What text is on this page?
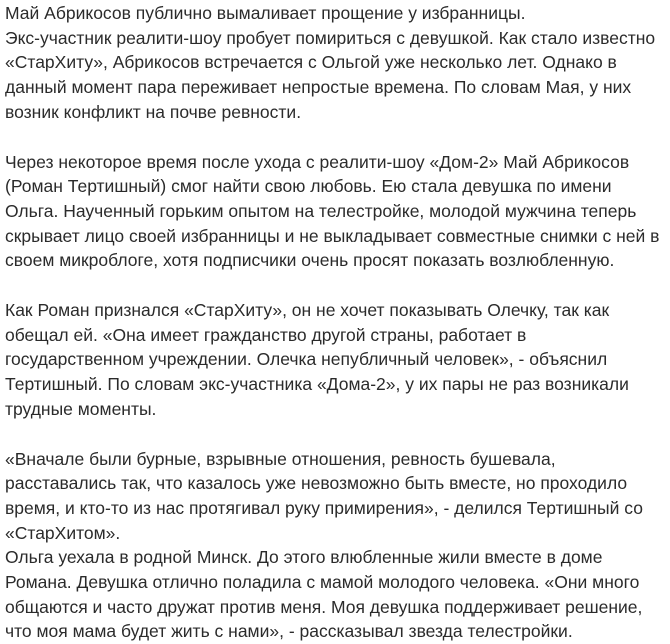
Май Абрикосов публично вымаливает прощение у избранницы.
Экс-участник реалити-шоу пробует помириться с девушкой. Как стало известно «СтарХиту», Абрикосов встречается с Ольгой уже несколько лет. Однако в данный момент пара переживает непростые времена. По словам Мая, у них возник конфликт на почве ревности.

Через некоторое время после ухода с реалити-шоу «Дом-2» Май Абрикосов (Роман Тертишный) смог найти свою любовь. Ею стала девушка по имени Ольга. Наученный горьким опытом на телестройке, молодой мужчина теперь скрывает лицо своей избранницы и не выкладывает совместные снимки с ней в своем микроблоге, хотя подписчики очень просят показать возлюбленную.

Как Роман признался «СтарХиту», он не хочет показывать Олечку, так как обещал ей. «Она имеет гражданство другой страны, работает в государственном учреждении. Олечка непубличный человек», - объяснил Тертишный. По словам экс-участника «Дома-2», у их пары не раз возникали трудные моменты.

«Вначале были бурные, взрывные отношения, ревность бушевала, расставались так, что казалось уже невозможно быть вместе, но проходило время, и кто-то из нас протягивал руку примирения», - делился Тертишный со «СтарХитом».
Ольга уехала в родной Минск. До этого влюбленные жили вместе в доме Романа. Девушка отлично поладила с мамой молодого человека. «Они много общаются и часто дружат против меня. Моя девушка поддерживает решение, что моя мама будет жить с нами», - рассказывал звезда телестройки.
